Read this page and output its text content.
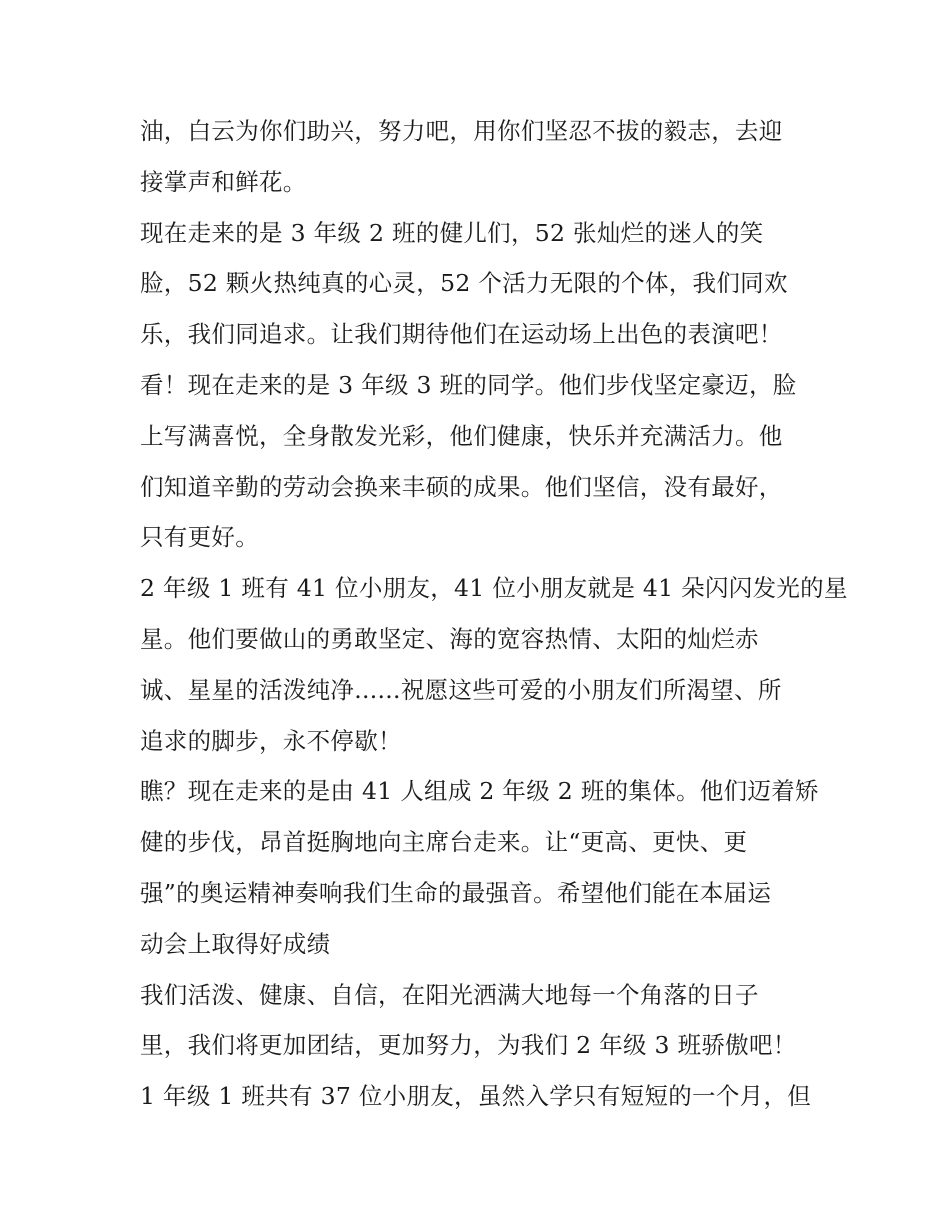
油，白云为你们助兴，努力吧，用你们坚忍不拔的毅志，去迎
接掌声和鲜花。
现在走来的是 3 年级 2 班的健儿们，52 张灿烂的迷人的笑
脸，52 颗火热纯真的心灵，52 个活力无限的个体，我们同欢
乐，我们同追求。让我们期待他们在运动场上出色的表演吧！
看！现在走来的是 3 年级 3 班的同学。他们步伐坚定豪迈，脸
上写满喜悦，全身散发光彩，他们健康，快乐并充满活力。他
们知道辛勤的劳动会换来丰硕的成果。他们坚信，没有最好，
只有更好。
2 年级 1 班有 41 位小朋友，41 位小朋友就是 41 朵闪闪发光的星
星。他们要做山的勇敢坚定、海的宽容热情、太阳的灿烂赤
诚、星星的活泼纯净......祝愿这些可爱的小朋友们所渴望、所
追求的脚步，永不停歇！
瞧？现在走来的是由 41 人组成 2 年级 2 班的集体。他们迈着矫
健的步伐，昂首挺胸地向主席台走来。让“更高、更快、更
强”的奥运精神奏响我们生命的最强音。希望他们能在本届运
动会上取得好成绩
我们活泼、健康、自信，在阳光洒满大地每一个角落的日子
里，我们将更加团结，更加努力，为我们 2 年级 3 班骄傲吧！
1 年级 1 班共有 37 位小朋友，虽然入学只有短短的一个月，但
